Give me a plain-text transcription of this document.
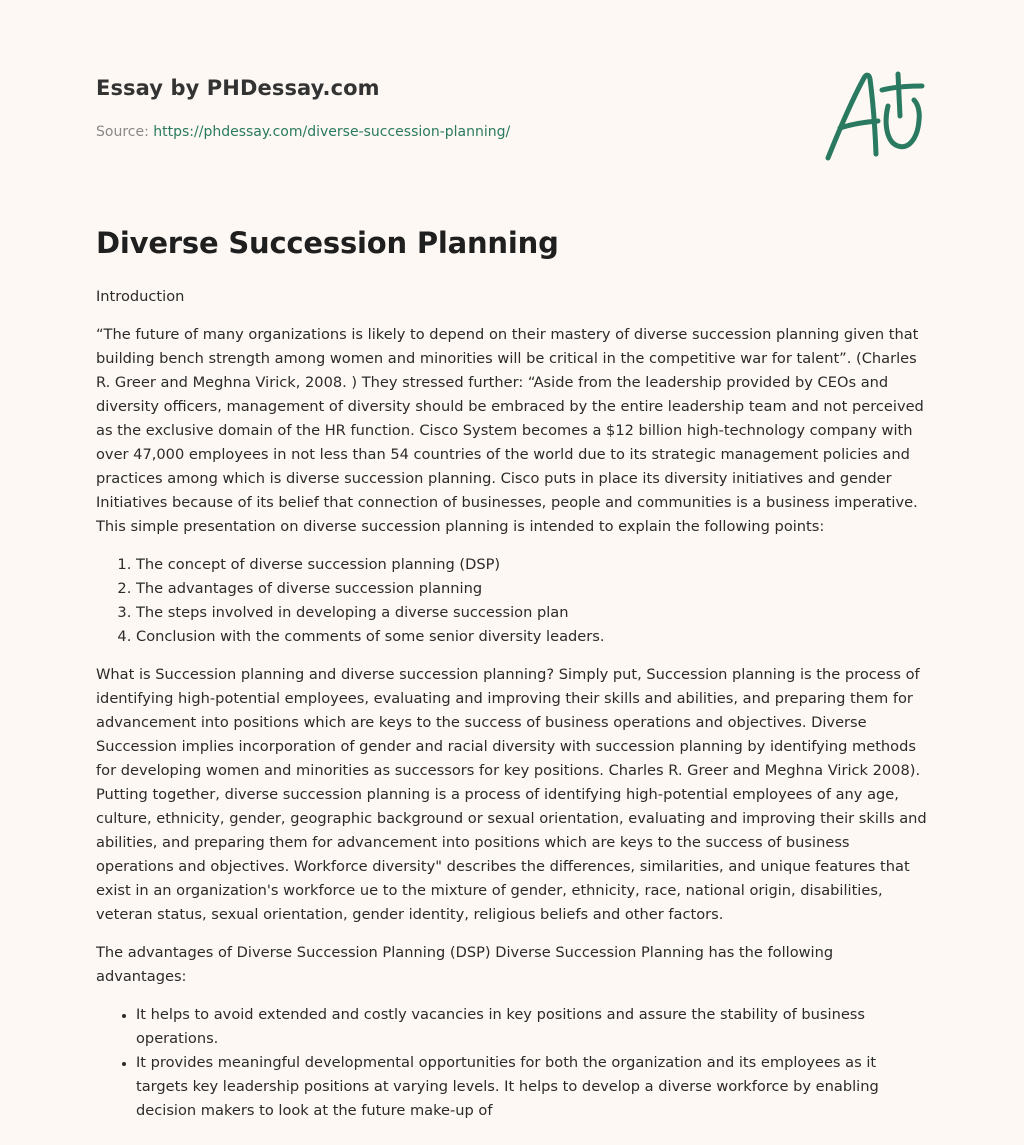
Essay by PHDessay.com
Source: https://phdessay.com/diverse-succession-planning/
Diverse Succession Planning

Introduction

“The future of many organizations is likely to depend on their mastery of diverse succession planning given that building bench strength among women and minorities will be critical in the competitive war for talent”. (Charles R. Greer and Meghna Virick, 2008. ) They stressed further: “Aside from the leadership provided by CEOs and diversity officers, management of diversity should be embraced by the entire leadership team and not perceived as the exclusive domain of the HR function. Cisco System becomes a $12 billion high-technology company with over 47,000 employees in not less than 54 countries of the world due to its strategic management policies and practices among which is diverse succession planning. Cisco puts in place its diversity initiatives and gender Initiatives because of its belief that connection of businesses, people and communities is a business imperative. This simple presentation on diverse succession planning is intended to explain the following points:

1. The concept of diverse succession planning (DSP)
2. The advantages of diverse succession planning
3. The steps involved in developing a diverse succession plan
4. Conclusion with the comments of some senior diversity leaders.

What is Succession planning and diverse succession planning? Simply put, Succession planning is the process of identifying high-potential employees, evaluating and improving their skills and abilities, and preparing them for advancement into positions which are keys to the success of business operations and objectives. Diverse Succession implies incorporation of gender and racial diversity with succession planning by identifying methods for developing women and minorities as successors for key positions. Charles R. Greer and Meghna Virick 2008). Putting together, diverse succession planning is a process of identifying high-potential employees of any age, culture, ethnicity, gender, geographic background or sexual orientation, evaluating and improving their skills and abilities, and preparing them for advancement into positions which are keys to the success of business operations and objectives. Workforce diversity" describes the differences, similarities, and unique features that exist in an organization's workforce ue to the mixture of gender, ethnicity, race, national origin, disabilities, veteran status, sexual orientation, gender identity, religious beliefs and other factors.

The advantages of Diverse Succession Planning (DSP) Diverse Succession Planning has the following advantages:

• It helps to avoid extended and costly vacancies in key positions and assure the stability of business operations.
• It provides meaningful developmental opportunities for both the organization and its employees as it targets key leadership positions at varying levels. It helps to develop a diverse workforce by enabling decision makers to look at the future make-up of
